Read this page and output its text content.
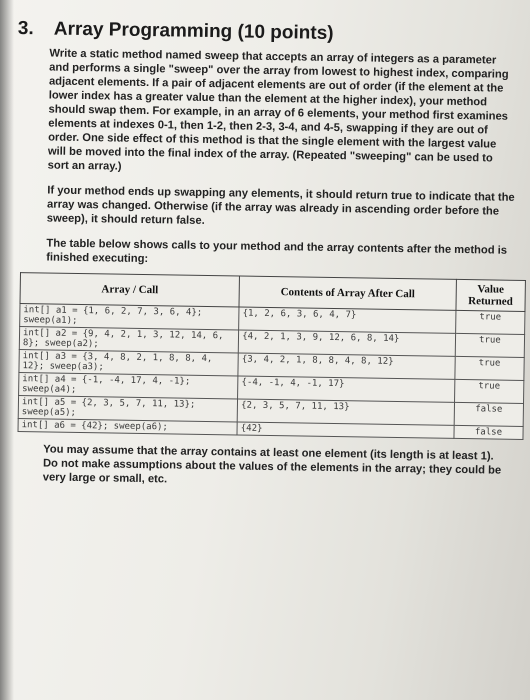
3.	Array Programming (10 points)
Write a static method named sweep that accepts an array of integers as a parameter and performs a single "sweep" over the array from lowest to highest index, comparing adjacent elements. If a pair of adjacent elements are out of order (if the element at the lower index has a greater value than the element at the higher index), your method should swap them. For example, in an array of 6 elements, your method first examines elements at indexes 0-1, then 1-2, then 2-3, 3-4, and 4-5, swapping if they are out of order. One side effect of this method is that the single element with the largest value will be moved into the final index of the array. (Repeated "sweeping" can be used to sort an array.)
If your method ends up swapping any elements, it should return true to indicate that the array was changed. Otherwise (if the array was already in ascending order before the sweep), it should return false.
The table below shows calls to your method and the array contents after the method is finished executing:
Array / Call	Contents of Array After Call	Value Returned
int[] a1 = {1, 6, 2, 7, 3, 6, 4}; sweep(a1);	{1, 2, 6, 3, 6, 4, 7}	true
int[] a2 = {9, 4, 2, 1, 3, 12, 14, 6, 8}; sweep(a2);	{4, 2, 1, 3, 9, 12, 6, 8, 14}	true
int[] a3 = {3, 4, 8, 2, 1, 8, 8, 4, 12}; sweep(a3);	{3, 4, 2, 1, 8, 8, 4, 8, 12}	true
int[] a4 = {-1, -4, 17, 4, -1}; sweep(a4);	{-4, -1, 4, -1, 17}	true
int[] a5 = {2, 3, 5, 7, 11, 13}; sweep(a5);	{2, 3, 5, 7, 11, 13}	false
int[] a6 = {42}; sweep(a6);	{42}	false
You may assume that the array contains at least one element (its length is at least 1). Do not make assumptions about the values of the elements in the array; they could be very large or small, etc.
